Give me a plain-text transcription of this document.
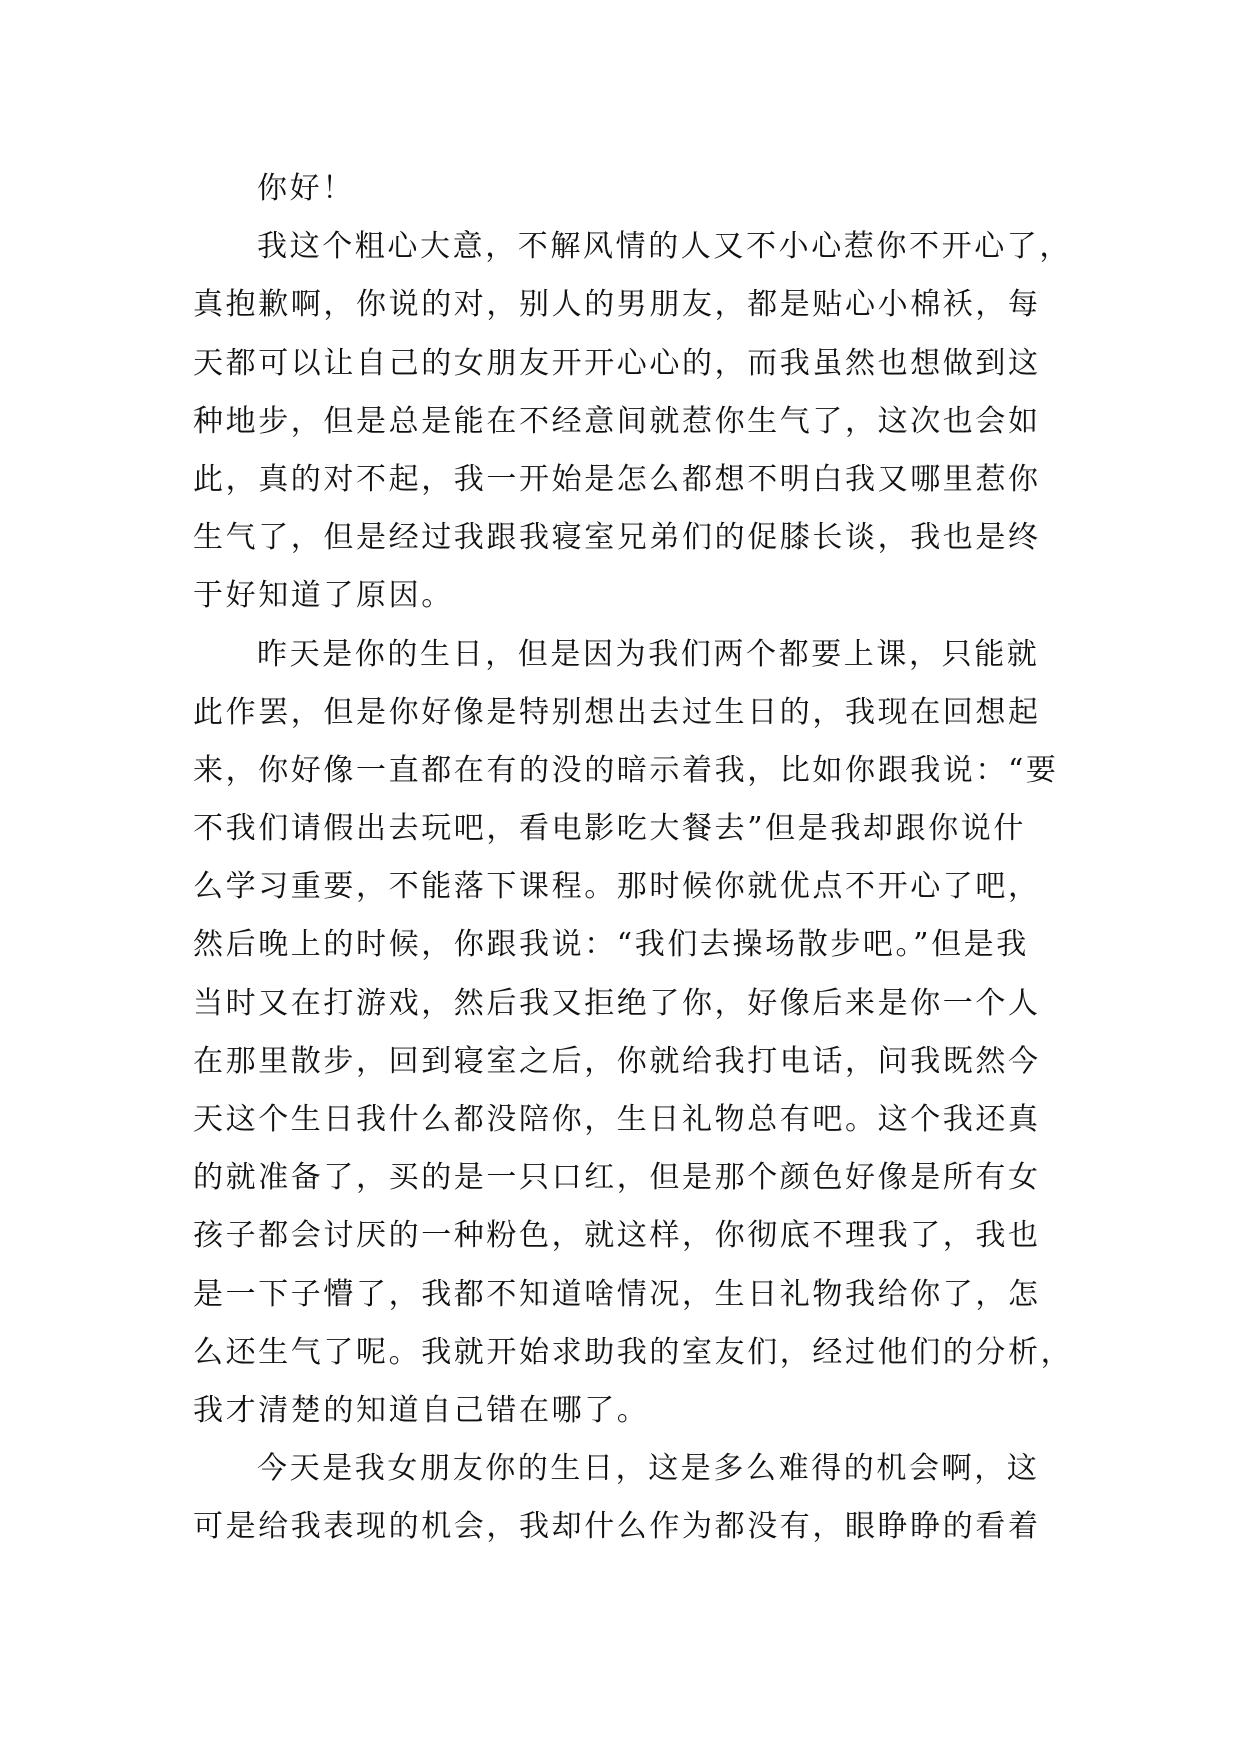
你好！
我这个粗心大意，不解风情的人又不小心惹你不开心了，
真抱歉啊，你说的对，别人的男朋友，都是贴心小棉袄，每
天都可以让自己的女朋友开开心心的，而我虽然也想做到这
种地步，但是总是能在不经意间就惹你生气了，这次也会如
此，真的对不起，我一开始是怎么都想不明白我又哪里惹你
生气了，但是经过我跟我寝室兄弟们的促膝长谈，我也是终
于好知道了原因。
昨天是你的生日，但是因为我们两个都要上课，只能就
此作罢，但是你好像是特别想出去过生日的，我现在回想起
来，你好像一直都在有的没的暗示着我，比如你跟我说：“要
不我们请假出去玩吧，看电影吃大餐去”但是我却跟你说什
么学习重要，不能落下课程。那时候你就优点不开心了吧，
然后晚上的时候，你跟我说：“我们去操场散步吧。”但是我
当时又在打游戏，然后我又拒绝了你，好像后来是你一个人
在那里散步，回到寝室之后，你就给我打电话，问我既然今
天这个生日我什么都没陪你，生日礼物总有吧。这个我还真
的就准备了，买的是一只口红，但是那个颜色好像是所有女
孩子都会讨厌的一种粉色，就这样，你彻底不理我了，我也
是一下子懵了，我都不知道啥情况，生日礼物我给你了，怎
么还生气了呢。我就开始求助我的室友们，经过他们的分析，
我才清楚的知道自己错在哪了。
今天是我女朋友你的生日，这是多么难得的机会啊，这
可是给我表现的机会，我却什么作为都没有，眼睁睁的看着
